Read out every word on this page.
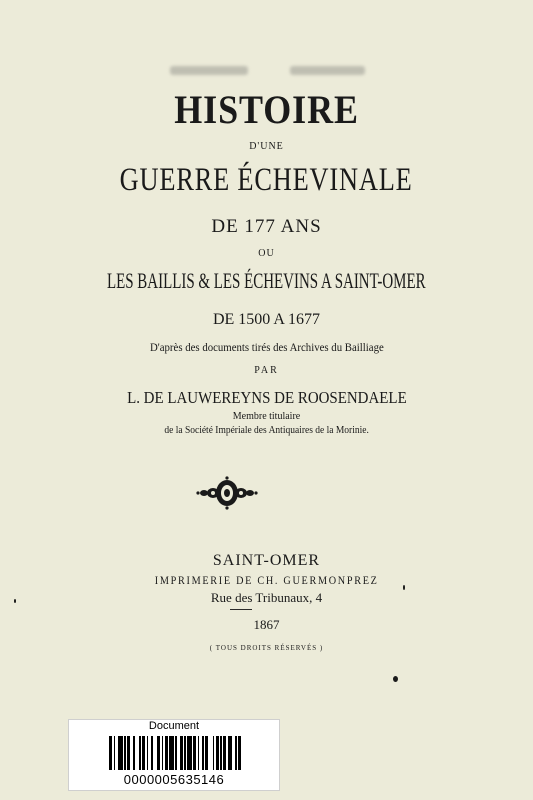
HISTOIRE
D'UNE
GUERRE ÉCHEVINALE
DE 177 ANS
OU
LES BAILLIS & LES ÉCHEVINS A SAINT-OMER
DE 1500 A 1677
D'après des documents tirés des Archives du Bailliage
PAR
L. DE LAUWEREYNS DE ROOSENDAELE
Membre titulaire
de la Société Impériale des Antiquaires de la Morinie.
SAINT-OMER
IMPRIMERIE DE CH. GUERMONPREZ
Rue des Tribunaux, 4
1867
( TOUS DROITS RÉSERVÉS )
Document
0000005635146
